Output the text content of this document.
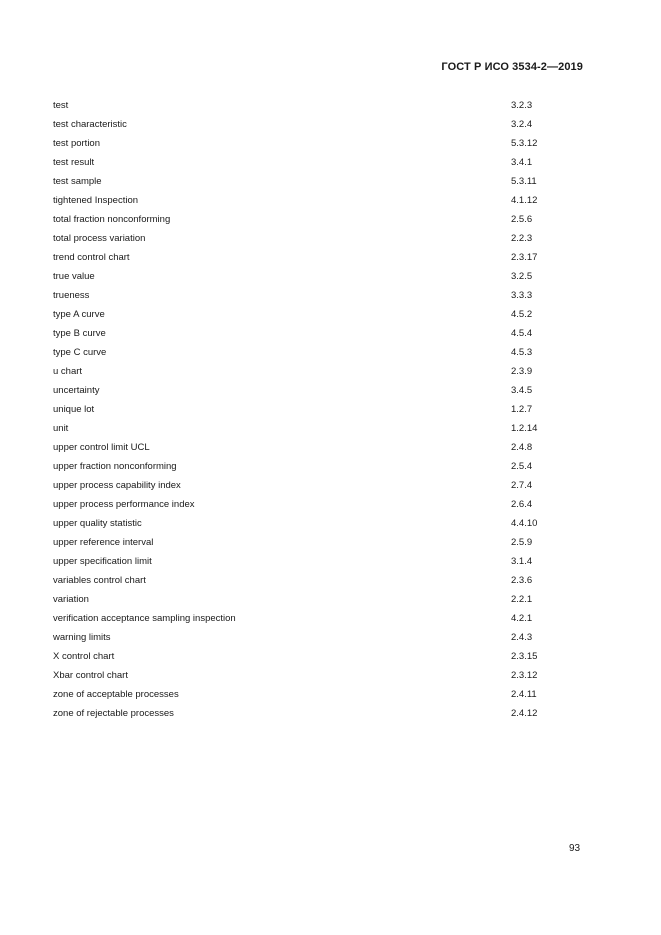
ГОСТ Р ИСО 3534-2—2019
test	3.2.3
test characteristic	3.2.4
test portion	5.3.12
test result	3.4.1
test sample	5.3.11
tightened Inspection	4.1.12
total fraction nonconforming	2.5.6
total process variation	2.2.3
trend control chart	2.3.17
true value	3.2.5
trueness	3.3.3
type A curve	4.5.2
type B curve	4.5.4
type C curve	4.5.3
u chart	2.3.9
uncertainty	3.4.5
unique lot	1.2.7
unit	1.2.14
upper control limit UCL	2.4.8
upper fraction nonconforming	2.5.4
upper process capability index	2.7.4
upper process performance index	2.6.4
upper quality statistic	4.4.10
upper reference interval	2.5.9
upper specification limit	3.1.4
variables control chart	2.3.6
variation	2.2.1
verification acceptance sampling inspection	4.2.1
warning limits	2.4.3
X control chart	2.3.15
Xbar control chart	2.3.12
zone of acceptable processes	2.4.11
zone of rejectable processes	2.4.12
93
